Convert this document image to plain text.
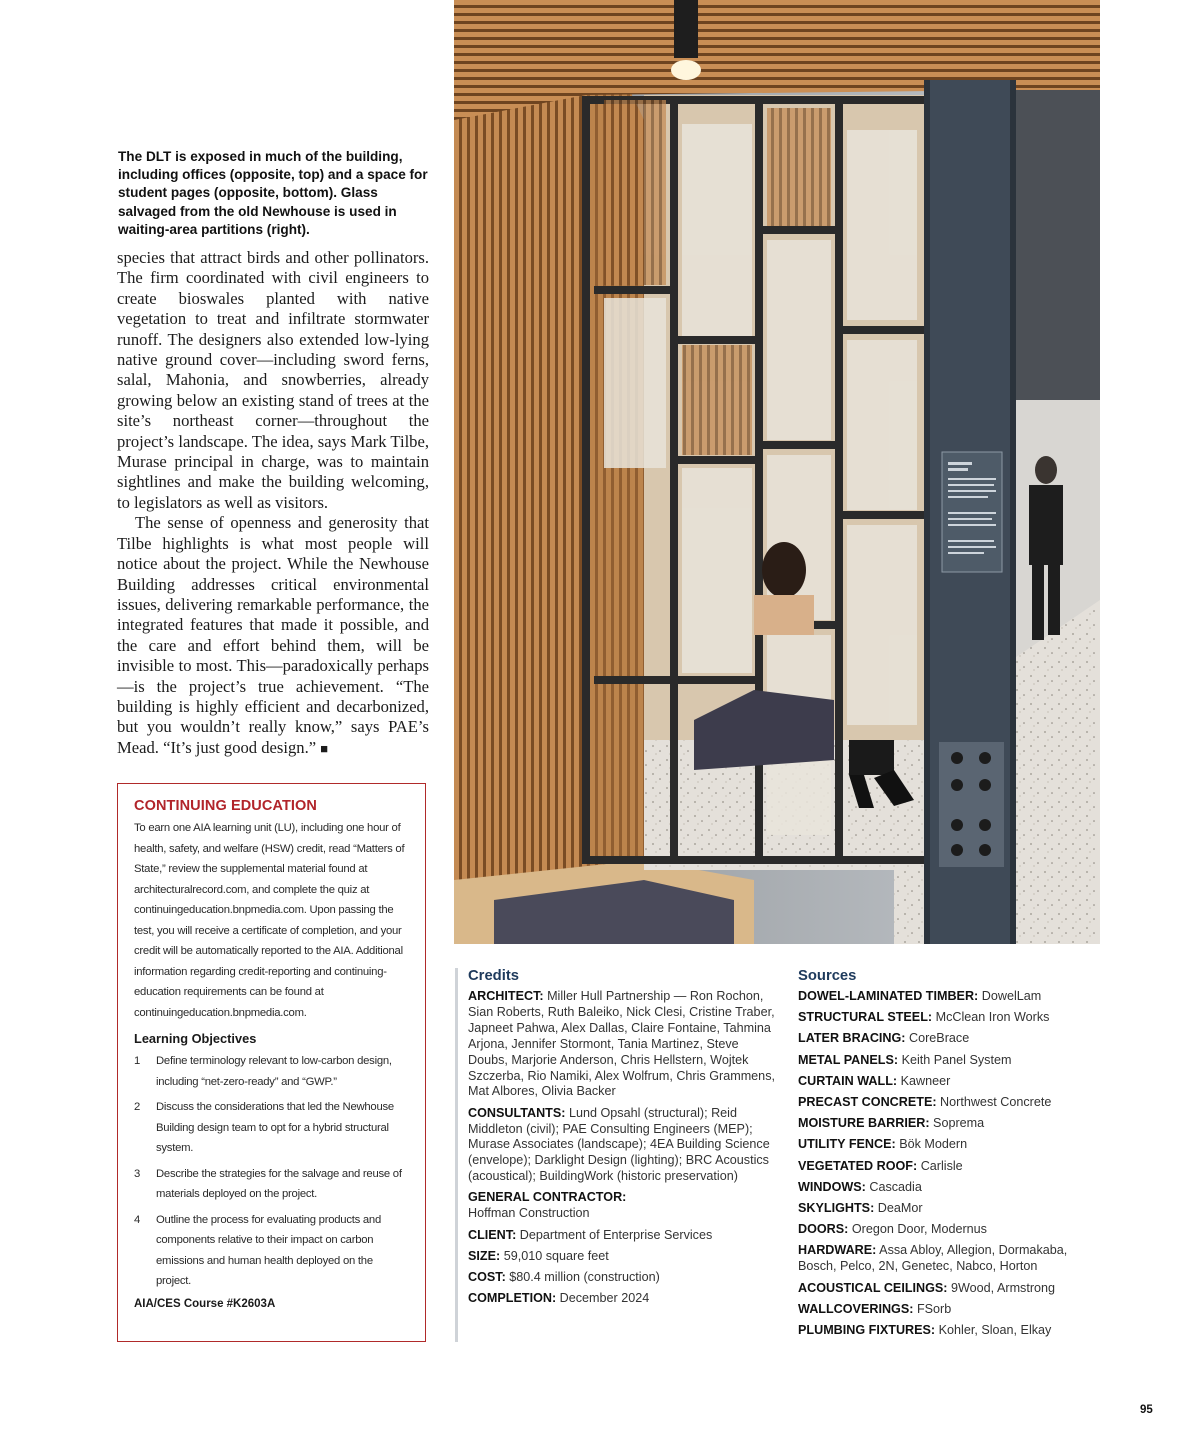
The DLT is exposed in much of the building, including offices (opposite, top) and a space for student pages (opposite, bottom). Glass salvaged from the old Newhouse is used in waiting-area partitions (right).

species that attract birds and other pollinators. The firm coordinated with civil engineers to create bioswales planted with native vegetation to treat and infiltrate stormwater runoff. The designers also extended low-lying native ground cover—including sword ferns, salal, Mahonia, and snowberries, already growing below an existing stand of trees at the site’s northeast corner—throughout the project’s landscape. The idea, says Mark Tilbe, Murase principal in charge, was to maintain sightlines and make the building welcoming, to legislators as well as visitors.

The sense of openness and generosity that Tilbe highlights is what most people will notice about the project. While the Newhouse Building addresses critical environmental issues, delivering remarkable performance, the integrated features that made it possible, and the care and effort behind them, will be invisible to most. This—paradoxically perhaps—is the project’s true achievement. “The building is highly efficient and decarbonized, but you wouldn’t really know,” says PAE’s Mead. “It’s just good design.” ■

CONTINUING EDUCATION
To earn one AIA learning unit (LU), including one hour of health, safety, and welfare (HSW) credit, read “Matters of State,” review the supplemental material found at architecturalrecord.com, and complete the quiz at continuingeducation.bnpmedia.com. Upon passing the test, you will receive a certificate of completion, and your credit will be automatically reported to the AIA. Additional information regarding credit-reporting and continuing-education requirements can be found at continuingeducation.bnpmedia.com.
Learning Objectives
1 Define terminology relevant to low-carbon design, including “net-zero-ready” and “GWP.”
2 Discuss the considerations that led the Newhouse Building design team to opt for a hybrid structural system.
3 Describe the strategies for the salvage and reuse of materials deployed on the project.
4 Outline the process for evaluating products and components relative to their impact on carbon emissions and human health deployed on the project.
AIA/CES Course #K2603A
Credits
ARCHITECT: Miller Hull Partnership — Ron Rochon, Sian Roberts, Ruth Baleiko, Nick Clesi, Cristine Traber, Japneet Pahwa, Alex Dallas, Claire Fontaine, Tahmina Arjona, Jennifer Stormont, Tania Martinez, Steve Doubs, Marjorie Anderson, Chris Hellstern, Wojtek Szczerba, Rio Namiki, Alex Wolfrum, Chris Grammens, Mat Albores, Olivia Backer
CONSULTANTS: Lund Opsahl (structural); Reid Middleton (civil); PAE Consulting Engineers (MEP); Murase Associates (landscape); 4EA Building Science (envelope); Darklight Design (lighting); BRC Acoustics (acoustical); BuildingWork (historic preservation)
GENERAL CONTRACTOR:
Hoffman Construction
CLIENT: Department of Enterprise Services
SIZE: 59,010 square feet
COST: $80.4 million (construction)
COMPLETION: December 2024
Sources
DOWEL-LAMINATED TIMBER: DowelLam
STRUCTURAL STEEL: McClean Iron Works
LATER BRACING: CoreBrace
METAL PANELS: Keith Panel System
CURTAIN WALL: Kawneer
PRECAST CONCRETE: Northwest Concrete
MOISTURE BARRIER: Soprema
UTILITY FENCE: Bök Modern
VEGETATED ROOF: Carlisle
WINDOWS: Cascadia
SKYLIGHTS: DeaMor
DOORS: Oregon Door, Modernus
HARDWARE: Assa Abloy, Allegion, Dormakaba, Bosch, Pelco, 2N, Genetec, Nabco, Horton
ACOUSTICAL CEILINGS: 9Wood, Armstrong
WALLCOVERINGS: FSorb
PLUMBING FIXTURES: Kohler, Sloan, Elkay
95
